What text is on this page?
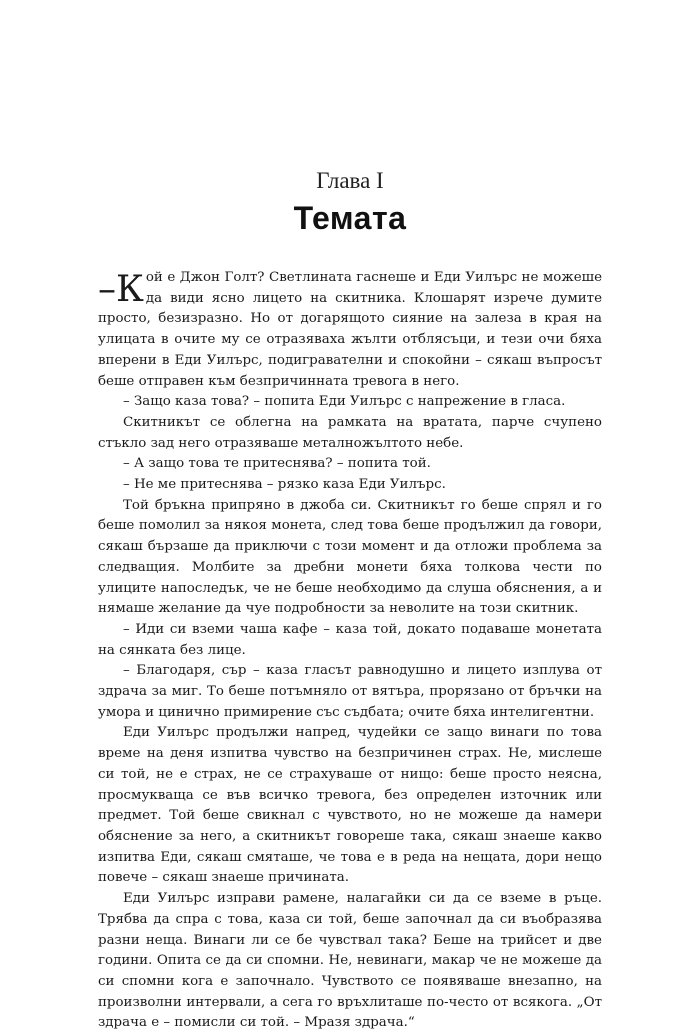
Глава I
Темата

–К ой е Джон Голт? Светлината гаснеше и Еди Уилърс не можеше да види ясно лицето на скитника. Клошарят изрече думите просто, безизразно. Но от догарящото сияние на залеза в края на улицата в очите му се отразяваха жълти отблясъци, и тези очи бяха вперени в Еди Уилърс, подигравателни и спокойни – сякаш въпросът беше отправен към безпричинната тревога в него.

– Защо каза това? – попита Еди Уилърс с напрежение в гласа.

Скитникът се облегна на рамката на вратата, парче счупено стъкло зад него отразяваше металножълтото небе.

– А защо това те притеснява? – попита той.

– Не ме притеснява – рязко каза Еди Уилърс.

Той бръкна припряно в джоба си. Скитникът го беше спрял и го беше помолил за някоя монета, след това беше продължил да говори, сякаш бързаше да приключи с този момент и да отложи проблема за следващия. Молбите за дребни монети бяха толкова чести по улиците напоследък, че не беше необходимо да слуша обяснения, а и нямаше желание да чуе подробности за неволите на този скитник.

– Иди си вземи чаша кафе – каза той, докато подаваше монетата на сянката без лице.

– Благодаря, сър – каза гласът равнодушно и лицето изплува от здрача за миг. То беше потъмняло от вятъра, прорязано от бръчки на умора и цинично примирение със съдбата; очите бяха интелигентни.

Еди Уилърс продължи напред, чудейки се защо винаги по това време на деня изпитва чувство на безпричинен страх. Не, мислеше си той, не е страх, не се страхуваше от нищо: беше просто неясна, просмукваща се във всичко тревога, без определен източник или предмет. Той беше свикнал с чувството, но не можеше да намери обяснение за него, а скитникът говореше така, сякаш знаеше какво изпитва Еди, сякаш смяташе, че това е в реда на нещата, дори нещо повече – сякаш знаеше причината.

Еди Уилърс изправи рамене, налагайки си да се вземе в ръце. Трябва да спра с това, каза си той, беше започнал да си въобразява разни неща. Винаги ли се бе чувствал така? Беше на трийсет и две години. Опита се да си спомни. Не, невинаги, макар че не можеше да си спомни кога е започнало. Чувството се появяваше внезапно, на произволни интервали, а сега го връхлиташе по-често от всякога. „От здрача е – помисли си той. – Мразя здрача.“
